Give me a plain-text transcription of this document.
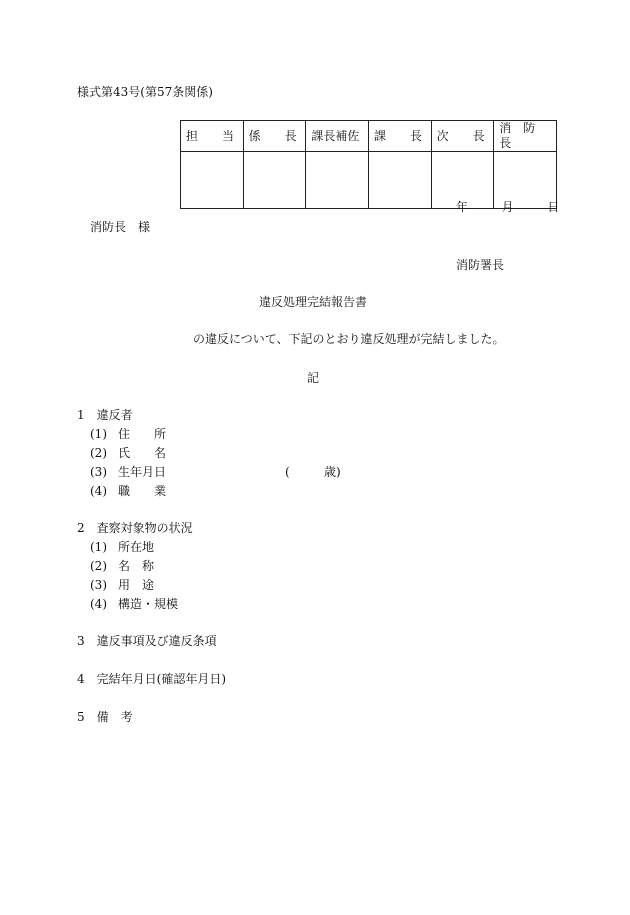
様式第43号(第57条関係)
担　　当	係　　長	課長補佐	課　　長	次　　長	消　防　長

年	月	日
消防長　様
消防署長
違反処理完結報告書
の違反について、下記のとおり違反処理が完結しました。
記
1　違反者
(1) 住　　所
(2) 氏　　名
(3) 生年月日	(	歳)
(4) 職　　業
2　査察対象物の状況
(1) 所在地
(2) 名　称
(3) 用　途
(4) 構造・規模
3　違反事項及び違反条項
4　完結年月日(確認年月日)
5　備　考
